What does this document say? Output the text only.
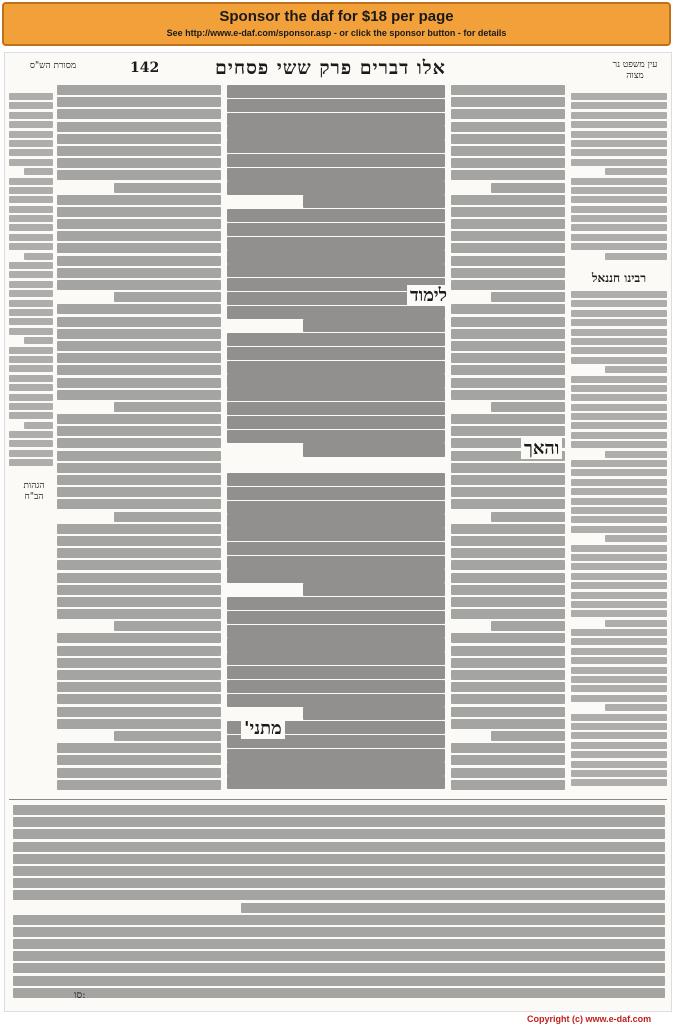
Sponsor the daf for $18 per page
See http://www.e-daf.com/sponsor.asp - or click the sponsor button - for details
מסורת הש"ס	142	אלו דברים פרק ששי פסחים	עין משפט נר מצוה
הגהות הב"ח
רבינו חננאל
לימוד
והאך
מתני'
סו:
Copyright (c) www.e-daf.com
